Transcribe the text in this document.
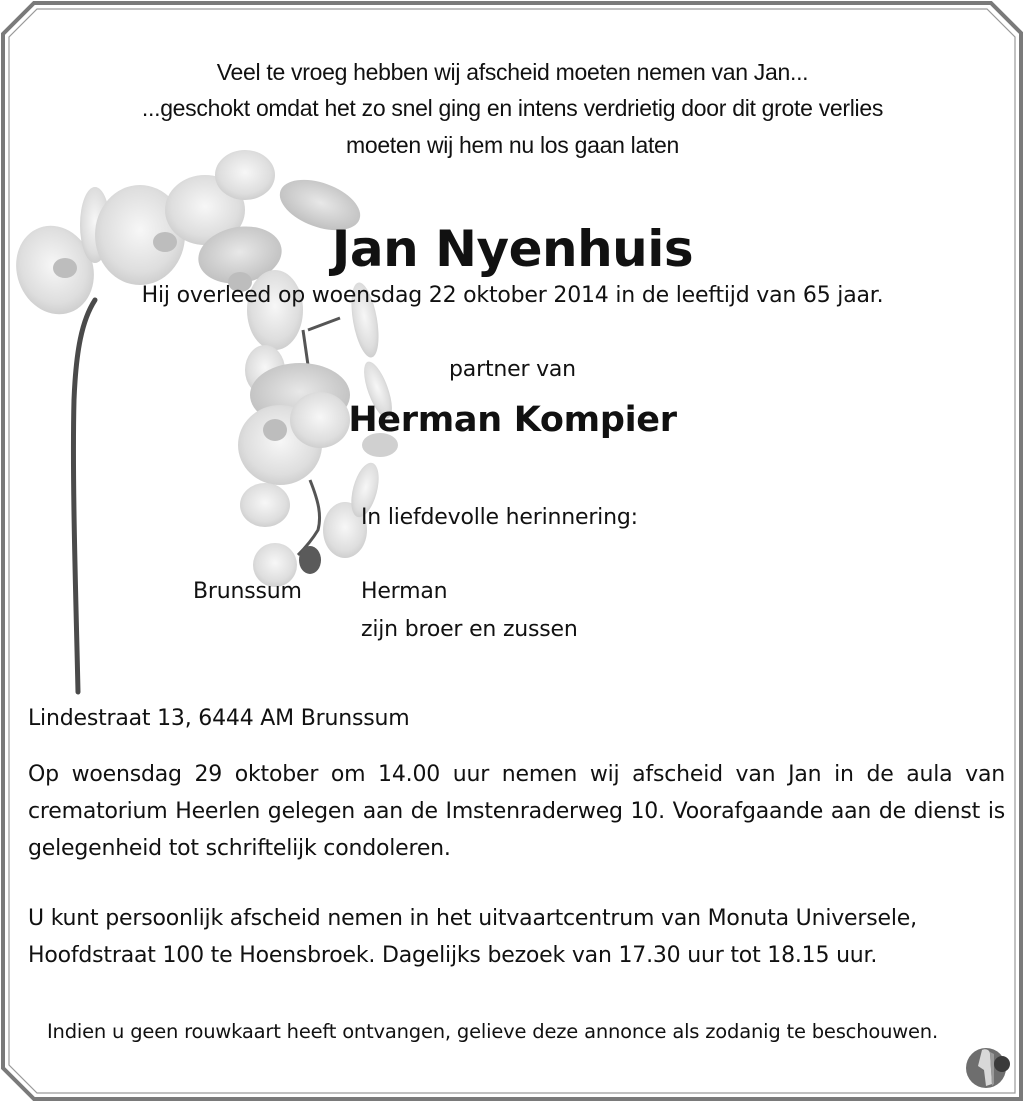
Veel te vroeg hebben wij afscheid moeten nemen van Jan...
...geschokt omdat het zo snel ging en intens verdrietig door dit grote verlies
moeten wij hem nu los gaan laten
Jan Nyenhuis
Hij overleed op woensdag 22 oktober 2014 in de leeftijd van 65 jaar.
partner van
Herman Kompier
In liefdevolle herinnering:
Brunssum	Herman
zijn broer en zussen
Lindestraat 13, 6444 AM Brunssum
Op woensdag 29 oktober om 14.00 uur nemen wij afscheid van Jan in de aula van crematorium Heerlen gelegen aan de Imstenraderweg 10. Voorafgaande aan de dienst is gelegenheid tot schriftelijk condoleren.
U kunt persoonlijk afscheid nemen in het uitvaartcentrum van Monuta Universele,
Hoofdstraat 100 te Hoensbroek. Dagelijks bezoek van 17.30 uur tot 18.15 uur.
Indien u geen rouwkaart heeft ontvangen, gelieve deze annonce als zodanig te beschouwen.
